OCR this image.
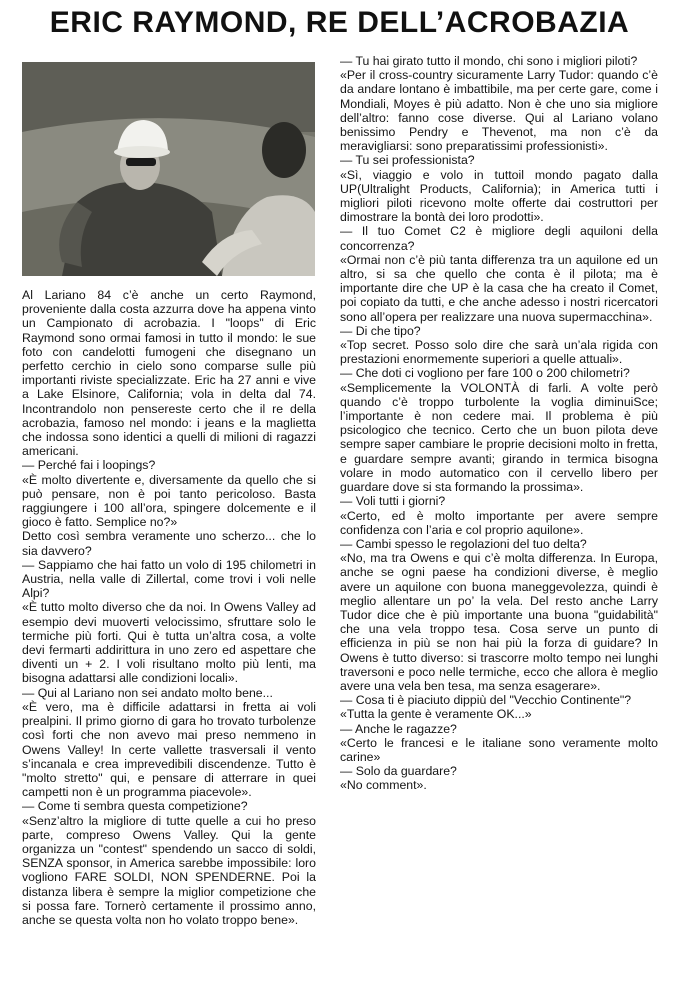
ERIC RAYMOND, RE DELL’ACROBAZIA

Al Lariano 84 c’è anche un certo Raymond, proveniente dalla costa azzurra dove ha appena vinto un Campionato di acrobazia. I "loops" di Eric Raymond sono ormai famosi in tutto il mondo: le sue foto con candelotti fumogeni che disegnano un perfetto cerchio in cielo sono comparse sulle più importanti riviste specializzate. Eric ha 27 anni e vive a Lake Elsinore, California; vola in delta dal 74. Incontrandolo non pensereste certo che il re della acrobazia, famoso nel mondo: i jeans e la maglietta che indossa sono identici a quelli di milioni di ragazzi americani.

— Perché fai i loopings?

«È molto divertente e, diversamente da quello che si può pensare, non è poi tanto pericoloso. Basta raggiungere i 100 all’ora, spingere dolcemente e il gioco è fatto. Semplice no?»

Detto così sembra veramente uno scherzo... che lo sia davvero?

— Sappiamo che hai fatto un volo di 195 chilometri in Austria, nella valle di Zillertal, come trovi i voli nelle Alpi?

«È tutto molto diverso che da noi. In Owens Valley ad esempio devi muoverti velocissimo, sfruttare solo le termiche più forti. Qui è tutta un’altra cosa, a volte devi fermarti addirittura in uno zero ed aspettare che diventi un + 2. I voli risultano molto più lenti, ma bisogna adattarsi alle condizioni locali».

— Qui al Lariano non sei andato molto bene...

«È vero, ma è difficile adattarsi in fretta ai voli prealpini. Il primo giorno di gara ho trovato turbolenze così forti che non avevo mai preso nemmeno in Owens Valley! In certe vallette trasversali il vento s’incanala e crea imprevedibili discendenze. Tutto è "molto stretto" qui, e pensare di atterrare in quei campetti non è un programma piacevole».

— Come ti sembra questa competizione?

«Senz’altro la migliore di tutte quelle a cui ho preso parte, compreso Owens Valley. Qui la gente organizza un "contest" spendendo un sacco di soldi, SENZA sponsor, in America sarebbe impossibile: loro vogliono FARE SOLDI, NON SPENDERNE. Poi la distanza libera è sempre la miglior competizione che si possa fare. Tornerò certamente il prossimo anno, anche se questa volta non ho volato troppo bene».

— Tu hai girato tutto il mondo, chi sono i migliori piloti?

«Per il cross-country sicuramente Larry Tudor: quando c’è da andare lontano è imbattibile, ma per certe gare, come i Mondiali, Moyes è più adatto. Non è che uno sia migliore dell’altro: fanno cose diverse. Qui al Lariano volano benissimo Pendry e Thevenot, ma non c’è da meravigliarsi: sono preparatissimi professionisti».

— Tu sei professionista?

«Sì, viaggio e volo in tuttoil mondo pagato dalla UP(Ultralight Products, California); in America tutti i migliori piloti ricevono molte offerte dai costruttori per dimostrare la bontà dei loro prodotti».

— Il tuo Comet C2 è migliore degli aquiloni della concorrenza?

«Ormai non c’è più tanta differenza tra un aquilone ed un altro, si sa che quello che conta è il pilota; ma è importante dire che UP è la casa che ha creato il Comet, poi copiato da tutti, e che anche adesso i nostri ricercatori sono all’opera per realizzare una nuova supermacchina».

— Di che tipo?

«Top secret. Posso solo dire che sarà un’ala rigida con prestazioni enormemente superiori a quelle attuali».

— Che doti ci vogliono per fare 100 o 200 chilometri?

«Semplicemente la VOLONTÀ di farli. A volte però quando c’è troppo turbolente la voglia diminuiSce; l’importante è non cedere mai. Il problema è più psicologico che tecnico. Certo che un buon pilota deve sempre saper cambiare le proprie decisioni molto in fretta, e guardare sempre avanti; girando in termica bisogna volare in modo automatico con il cervello libero per guardare dove si sta formando la prossima».

— Voli tutti i giorni?

«Certo, ed è molto importante per avere sempre confidenza con l’aria e col proprio aquilone».

— Cambi spesso le regolazioni del tuo delta?

«No, ma tra Owens e qui c’è molta differenza. In Europa, anche se ogni paese ha condizioni diverse, è meglio avere un aquilone con buona maneggevolezza, quindi è meglio allentare un po’ la vela. Del resto anche Larry Tudor dice che è più importante una buona "guidabilità" che una vela troppo tesa. Cosa serve un punto di efficienza in più se non hai più la forza di guidare? In Owens è tutto diverso: si trascorre molto tempo nei lunghi traversoni e poco nelle termiche, ecco che allora è meglio avere una vela ben tesa, ma senza esagerare».

— Cosa ti è piaciuto dippiù del "Vecchio Continente"?

«Tutta la gente è veramente OK...»

— Anche le ragazze?

«Certo le francesi e le italiane sono veramente molto carine»

— Solo da guardare?

«No comment».
